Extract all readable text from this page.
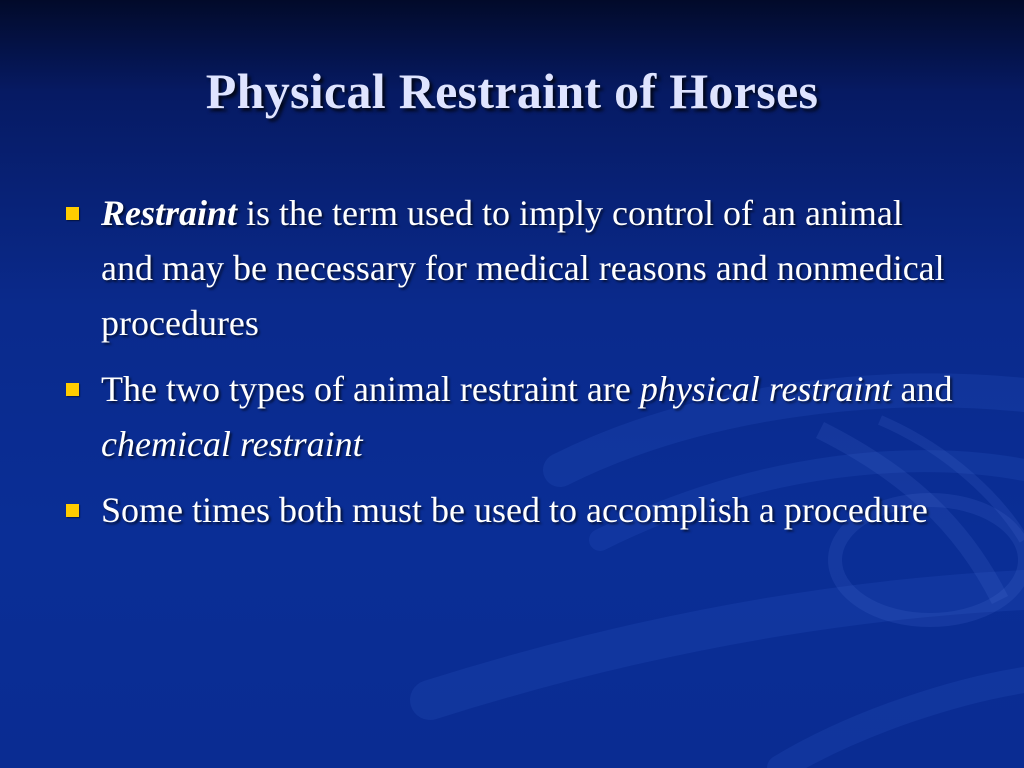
Physical Restraint of Horses
Restraint is the term used to imply control of an animal and may be necessary for medical reasons and nonmedical procedures
The two types of animal restraint are physical restraint and chemical restraint
Some times both must be used to accomplish a procedure
